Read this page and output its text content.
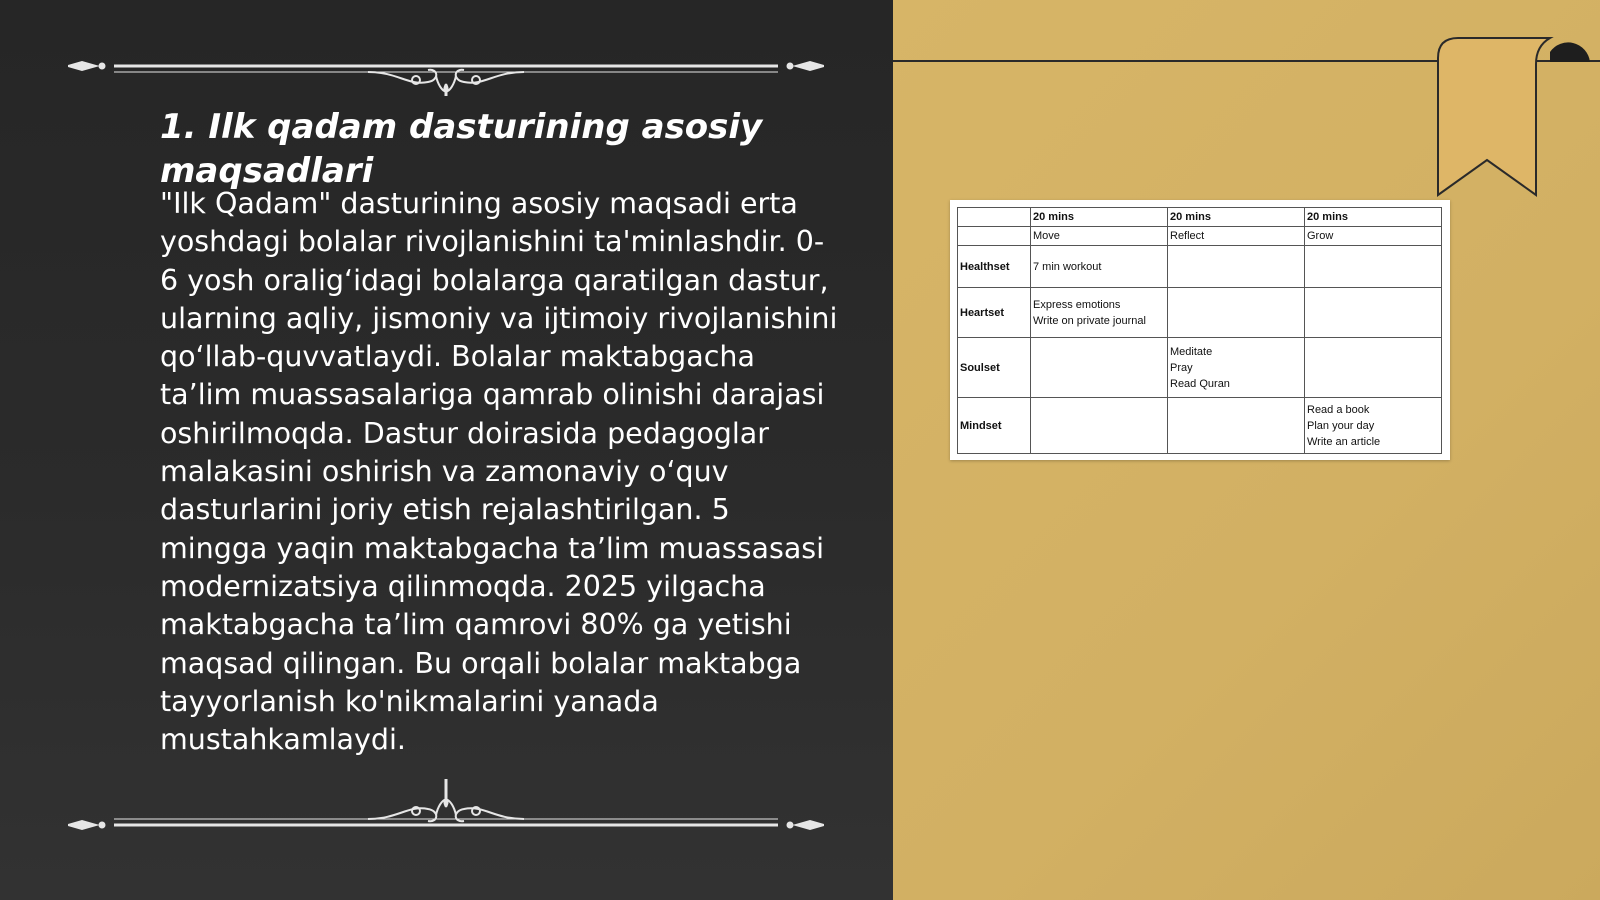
1. Ilk qadam dasturining asosiy maqsadlari

"Ilk Qadam" dasturining asosiy maqsadi erta yoshdagi bolalar rivojlanishini ta'minlashdir. 0-6 yosh oralig‘idagi bolalarga qaratilgan dastur, ularning aqliy, jismoniy va ijtimoiy rivojlanishini qo‘llab-quvvatlaydi. Bolalar maktabgacha ta’lim muassasalariga qamrab olinishi darajasi oshirilmoqda. Dastur doirasida pedagoglar malakasini oshirish va zamonaviy o‘quv dasturlarini joriy etish rejalashtirilgan. 5 mingga yaqin maktabgacha ta’lim muassasasi modernizatsiya qilinmoqda. 2025 yilgacha maktabgacha ta’lim qamrovi 80% ga yetishi maqsad qilingan. Bu orqali bolalar maktabga tayyorlanish ko'nikmalarini yanada mustahkamlaydi.

	20 mins	20 mins	20 mins
	Move	Reflect	Grow
Healthset	7 min workout		

Heartset	Express emotions
Write on private journal		

Soulset		Meditate
Pray
Read Quran	

Mindset			Read a book
Plan your day
Write an article
